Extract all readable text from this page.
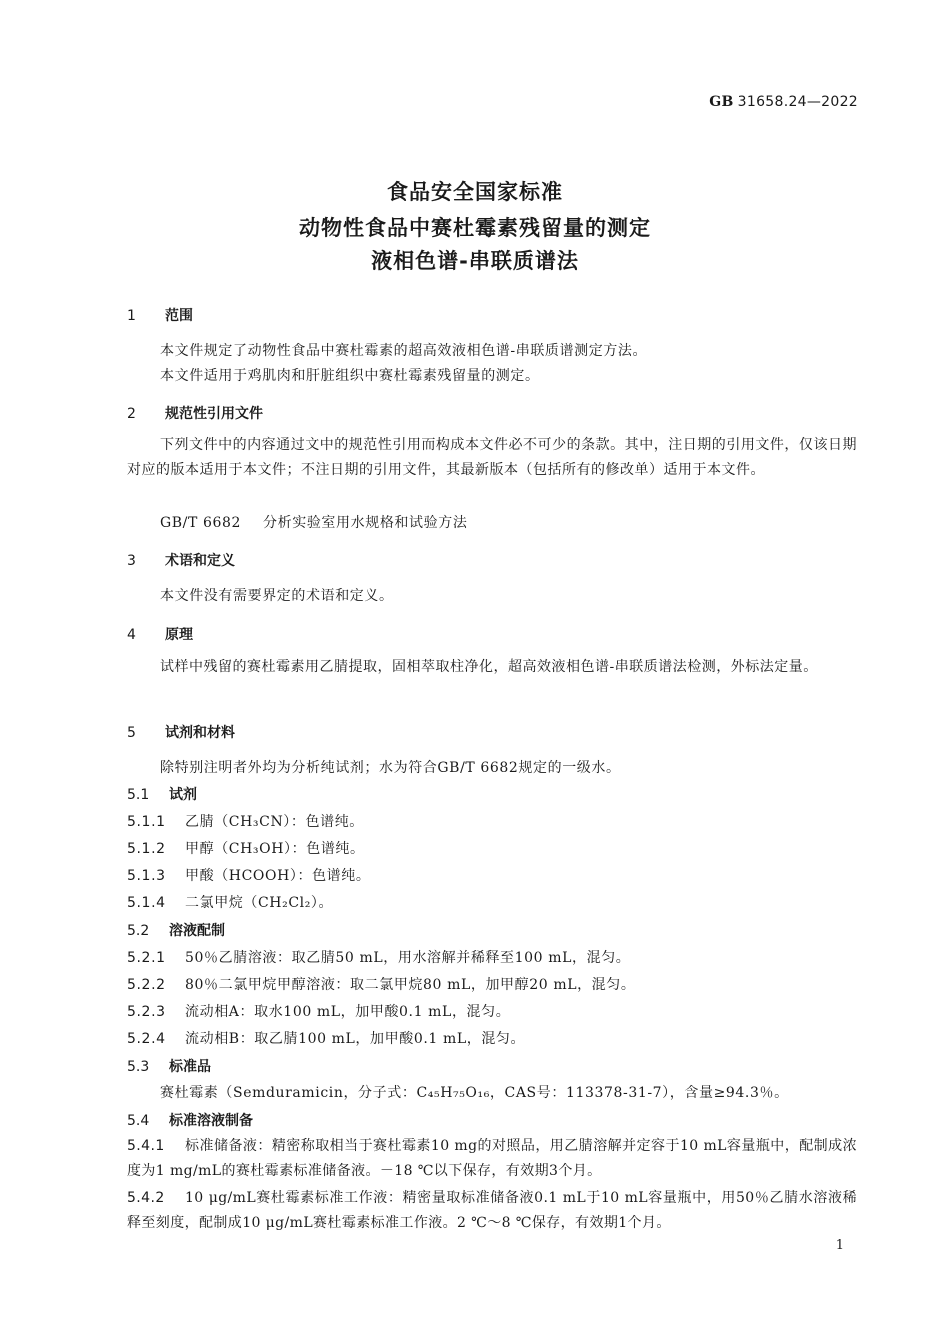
GB 31658.24—2022
食品安全国家标准
动物性食品中赛杜霉素残留量的测定
液相色谱-串联质谱法
1 范围
本文件规定了动物性食品中赛杜霉素的超高效液相色谱-串联质谱测定方法。
本文件适用于鸡肌肉和肝脏组织中赛杜霉素残留量的测定。
2 规范性引用文件
下列文件中的内容通过文中的规范性引用而构成本文件必不可少的条款。其中，注日期的引用文件，仅该日期对应的版本适用于本文件；不注日期的引用文件，其最新版本（包括所有的修改单）适用于本文件。
GB/T 6682 分析实验室用水规格和试验方法
3 术语和定义
本文件没有需要界定的术语和定义。
4 原理
试样中残留的赛杜霉素用乙腈提取，固相萃取柱净化，超高效液相色谱-串联质谱法检测，外标法定量。
5 试剂和材料
除特别注明者外均为分析纯试剂；水为符合GB/T 6682规定的一级水。
5.1 试剂
5.1.1 乙腈（CH₃CN）：色谱纯。
5.1.2 甲醇（CH₃OH）：色谱纯。
5.1.3 甲酸（HCOOH）：色谱纯。
5.1.4 二氯甲烷（CH₂Cl₂）。
5.2 溶液配制
5.2.1 50％乙腈溶液：取乙腈50 mL，用水溶解并稀释至100 mL，混匀。
5.2.2 80％二氯甲烷甲醇溶液：取二氯甲烷80 mL，加甲醇20 mL，混匀。
5.2.3 流动相A：取水100 mL，加甲酸0.1 mL，混匀。
5.2.4 流动相B：取乙腈100 mL，加甲酸0.1 mL，混匀。
5.3 标准品
赛杜霉素（Semduramicin，分子式：C₄₅H₇₅O₁₆，CAS号：113378-31-7），含量≥94.3％。
5.4 标准溶液制备
5.4.1 标准储备液：精密称取相当于赛杜霉素10 mg的对照品，用乙腈溶解并定容于10 mL容量瓶中，配制成浓度为1 mg/mL的赛杜霉素标准储备液。－18 ℃以下保存，有效期3个月。
5.4.2 10 μg/mL赛杜霉素标准工作液：精密量取标准储备液0.1 mL于10 mL容量瓶中，用50％乙腈水溶液稀释至刻度，配制成10 μg/mL赛杜霉素标准工作液。2 ℃～8 ℃保存，有效期1个月。
1
